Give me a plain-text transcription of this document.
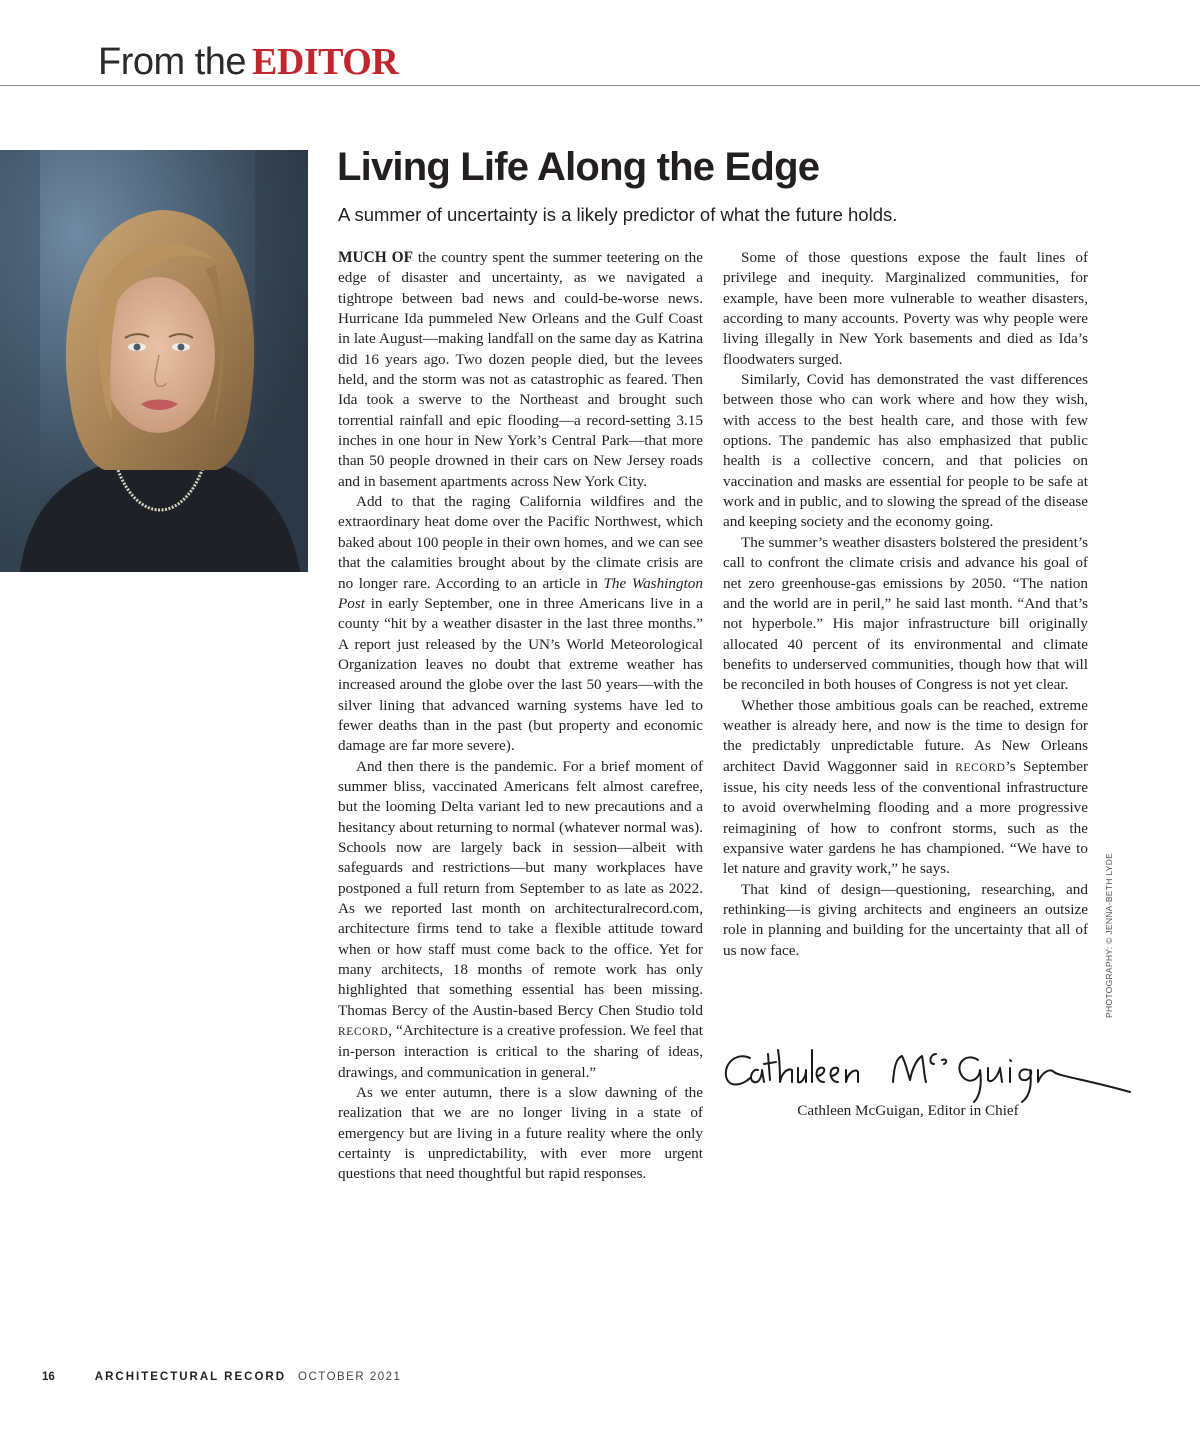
From the EDITOR
Living Life Along the Edge

A summer of uncertainty is a likely predictor of what the future holds.

MUCH OF the country spent the summer teetering on the edge of disaster and uncertainty, as we navigated a tightrope between bad news and could-be-worse news. Hurricane Ida pummeled New Orleans and the Gulf Coast in late August—making landfall on the same day as Katrina did 16 years ago. Two dozen people died, but the levees held, and the storm was not as catastrophic as feared. Then Ida took a swerve to the Northeast and brought such torrential rainfall and epic flooding—a record-setting 3.15 inches in one hour in New York’s Central Park—that more than 50 people drowned in their cars on New Jersey roads and in basement apartments across New York City.

Add to that the raging California wildfires and the extraordinary heat dome over the Pacific Northwest, which baked about 100 people in their own homes, and we can see that the calamities brought about by the climate crisis are no longer rare. According to an article in The Washington Post in early September, one in three Americans live in a county “hit by a weather disaster in the last three months.” A report just released by the UN’s World Meteorological Organization leaves no doubt that extreme weather has increased around the globe over the last 50 years—with the silver lining that advanced warning systems have led to fewer deaths than in the past (but property and economic damage are far more severe).

And then there is the pandemic. For a brief moment of summer bliss, vaccinated Americans felt almost carefree, but the looming Delta variant led to new precautions and a hesitancy about returning to normal (whatever normal was). Schools now are largely back in session—albeit with safeguards and restrictions—but many workplaces have postponed a full return from September to as late as 2022. As we reported last month on architecturalrecord.com, architecture firms tend to take a flexible attitude toward when or how staff must come back to the office. Yet for many architects, 18 months of remote work has only highlighted that something essential has been missing. Thomas Bercy of the Austin-based Bercy Chen Studio told RECORD, “Architecture is a creative profession. We feel that in-person interaction is critical to the sharing of ideas, drawings, and communication in general.”

As we enter autumn, there is a slow dawning of the realization that we are no longer living in a state of emergency but are living in a future reality where the only certainty is unpredictability, with ever more urgent questions that need thoughtful but rapid responses.

Some of those questions expose the fault lines of privilege and inequity. Marginalized communities, for example, have been more vulnerable to weather disasters, according to many accounts. Poverty was why people were living illegally in New York basements and died as Ida’s floodwaters surged.

Similarly, Covid has demonstrated the vast differences between those who can work where and how they wish, with access to the best health care, and those with few options. The pandemic has also emphasized that public health is a collective concern, and that policies on vaccination and masks are essential for people to be safe at work and in public, and to slowing the spread of the disease and keeping society and the economy going.

The summer’s weather disasters bolstered the president’s call to confront the climate crisis and advance his goal of net zero greenhouse-gas emissions by 2050. “The nation and the world are in peril,” he said last month. “And that’s not hyperbole.” His major infrastructure bill originally allocated 40 percent of its environmental and climate benefits to underserved communities, though how that will be reconciled in both houses of Congress is not yet clear.

Whether those ambitious goals can be reached, extreme weather is already here, and now is the time to design for the predictably unpredictable future. As New Orleans architect David Waggonner said in RECORD’s September issue, his city needs less of the conventional infrastructure to avoid overwhelming flooding and a more progressive reimagining of how to confront storms, such as the expansive water gardens he has championed. “We have to let nature and gravity work,” he says.

That kind of design—questioning, researching, and rethinking—is giving architects and engineers an outsize role in planning and building for the uncertainty that all of us now face.

Cathleen McGuigan, Editor in Chief
PHOTOGRAPHY: © JENNA-BETH LYDE
16	ARCHITECTURAL RECORD OCTOBER 2021
